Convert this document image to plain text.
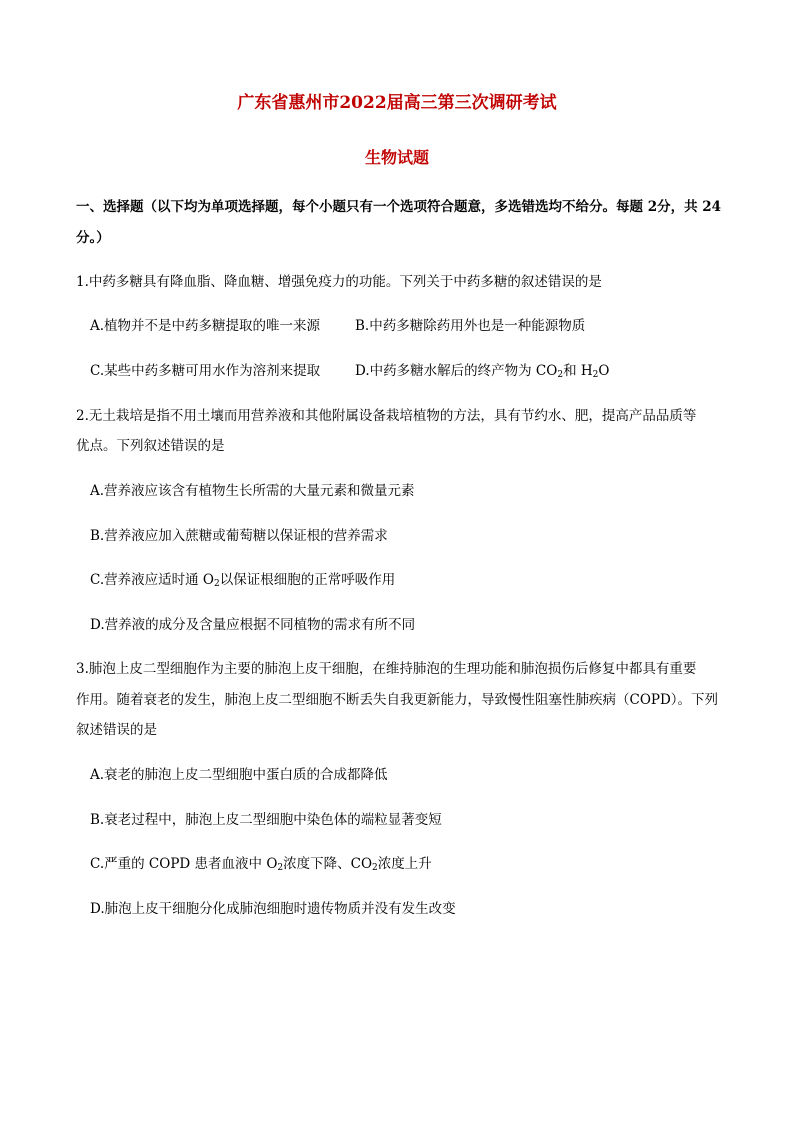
广东省惠州市2022届高三第三次调研考试
生物试题
一、选择题（以下均为单项选择题，每个小题只有一个选项符合题意，多选错选均不给分。每题 2分，共 24
分。）
1.中药多糖具有降血脂、降血糖、增强免疫力的功能。下列关于中药多糖的叙述错误的是
A.植物并不是中药多糖提取的唯一来源	B.中药多糖除药用外也是一种能源物质
C.某些中药多糖可用水作为溶剂来提取	D.中药多糖水解后的终产物为 $CO_2$和 $H_2O$
2.无土栽培是指不用土壤而用营养液和其他附属设备栽培植物的方法，具有节约水、肥，提高产品品质等
优点。下列叙述错误的是
A.营养液应该含有植物生长所需的大量元素和微量元素
B.营养液应加入蔗糖或葡萄糖以保证根的营养需求
C.营养液应适时通 $O_2$以保证根细胞的正常呼吸作用
D.营养液的成分及含量应根据不同植物的需求有所不同
3.肺泡上皮二型细胞作为主要的肺泡上皮干细胞，在维持肺泡的生理功能和肺泡损伤后修复中都具有重要
作用。随着衰老的发生，肺泡上皮二型细胞不断丢失自我更新能力，导致慢性阻塞性肺疾病（COPD）。下列
叙述错误的是
A.衰老的肺泡上皮二型细胞中蛋白质的合成都降低
B.衰老过程中，肺泡上皮二型细胞中染色体的端粒显著变短
C.严重的 COPD 患者血液中 $O_2$浓度下降、$CO_2$浓度上升
D.肺泡上皮干细胞分化成肺泡细胞时遗传物质并没有发生改变
